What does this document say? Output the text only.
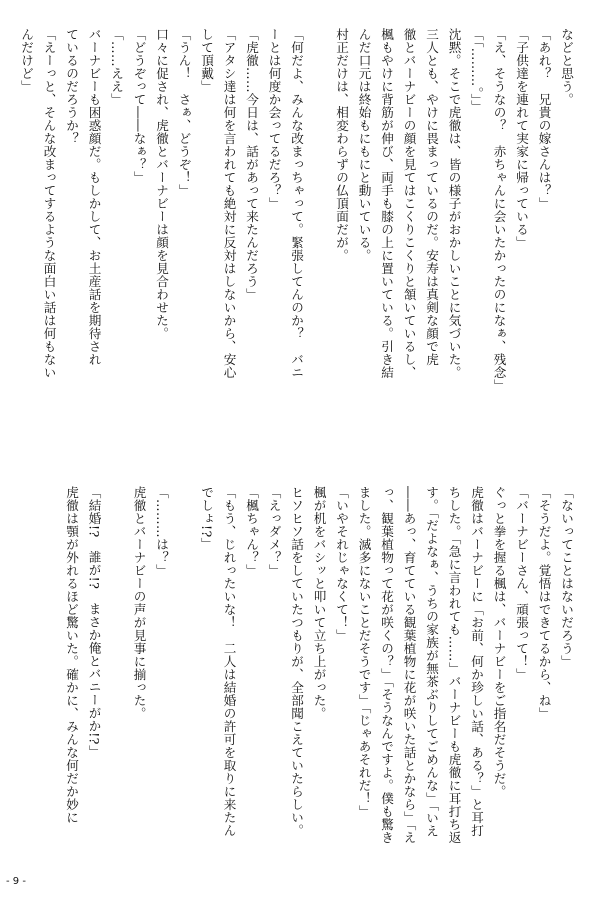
などと思う。
「あれ？　兄貴の嫁さんは？」
「子供達を連れて実家に帰っている」
「え、そうなの？　赤ちゃんに会いたかったのになぁ、残念」
「「………。」」
沈黙。そこで虎徹は、皆の様子がおかしいことに気づいた。
三人とも、やけに畏まっているのだ。安寿は真剣な顔で虎
徹とバーナビーの顔を見てはこくりこくりと頷いているし、
楓もやけに背筋が伸び、両手も膝の上に置いている。引き結
んだ口元は終始もにもにと動いている。
村正だけは、相変わらずの仏頂面だが。

「何だよ、みんな改まっちゃって。緊張してんのか？　バニ
ーとは何度か会ってるだろ？」
「虎徹……今日は、話があって来たんだろう」
「アタシ達は何を言われても絶対に反対はしないから、安心
して頂戴」
「うん！　さぁ、どうぞ！」
口々に促され、虎徹とバーナビーは顔を見合わせた。
「どうぞって――なぁ？」
「……ええ」
バーナビーも困惑顔だ。もしかして、お土産話を期待され
ているのだろうか？
「えーっと、そんな改まってするような面白い話は何もない
んだけど」
「ないってことはないだろう」
「そうだよ。覚悟はできてるから、ね」
「バーナビーさん、頑張って！」
ぐっと拳を握る楓は、バーナビーをご指名だそうだ。
虎徹はバーナビーに「お前、何か珍しい話、ある？」と耳打
ちした。「急に言われても……」バーナビーも虎徹に耳打ち返
す。「だよなぁ、うちの家族が無茶ぶりしてごめんな」「いえ
――あっ、育てている観葉植物に花が咲いた話とかなら」「え
っ、観葉植物って花が咲くの？」「そうなんですよ。僕も驚き
ました。滅多にないことだそうです」「じゃあそれだ！」
「いやそれじゃなくて！」
楓が机をバシッと叩いて立ち上がった。
ヒソヒソ話をしていたつもりが、全部聞こえていたらしい。
「えっダメ？」
「楓ちゃん？」
「もう、じれったいな！　二人は結婚の許可を取りに来たん
でしょ!?」

「………は？」
虎徹とバーナビーの声が見事に揃った。

「結婚!?　誰が!?　まさか俺とバニーがか!?」
虎徹は顎が外れるほど驚いた。確かに、みんな何だか妙に
- 9 -
